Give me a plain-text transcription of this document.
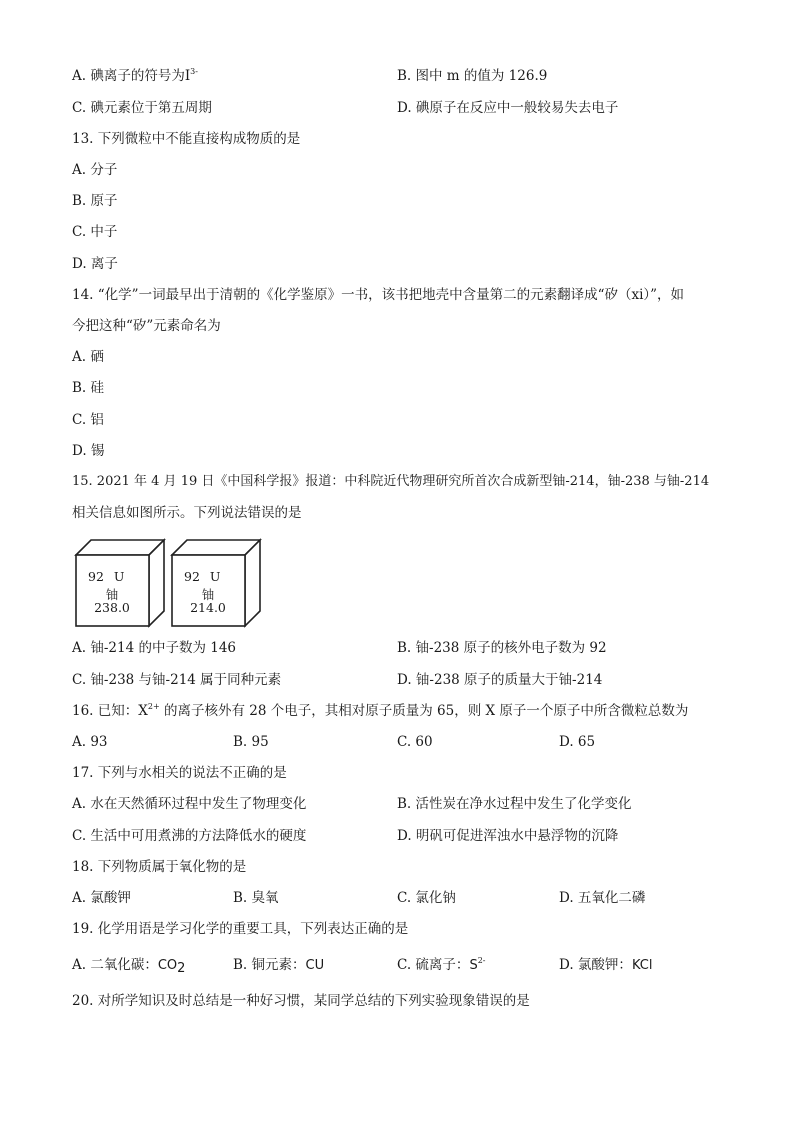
A. 碘离子的符号为$I^{3-}$	B. 图中 m 的值为 126.9
C. 碘元素位于第五周期	D. 碘原子在反应中一般较易失去电子
13. 下列微粒中不能直接构成物质的是
A. 分子
B. 原子
C. 中子
D. 离子
14. “化学”一词最早出于清朝的《化学鉴原》一书，该书把地壳中含量第二的元素翻译成“矽（xi）”，如
今把这种“矽”元素命名为
A. 硒
B. 硅
C. 铝
D. 锡
15. 2021 年 4 月 19 日《中国科学报》报道：中科院近代物理研究所首次合成新型铀-214，铀-238 与铀-214
相关信息如图所示。下列说法错误的是
92 U
铀
238.0
92 U
铀
214.0
A. 铀-214 的中子数为 146	B. 铀-238 原子的核外电子数为 92
C. 铀-238 与铀-214 属于同种元素	D. 铀-238 原子的质量大于铀-214
16. 已知：$X^{2+}$ 的离子核外有 28 个电子，其相对原子质量为 65，则 X 原子一个原子中所含微粒总数为
A. 93	B. 95	C. 60	D. 65
17. 下列与水相关的说法不正确的是
A. 水在天然循环过程中发生了物理变化	B. 活性炭在净水过程中发生了化学变化
C. 生活中可用煮沸的方法降低水的硬度	D. 明矾可促进浑浊水中悬浮物的沉降
18. 下列物质属于氧化物的是
A. 氯酸钾	B. 臭氧	C. 氯化钠	D. 五氧化二磷
19. 化学用语是学习化学的重要工具，下列表达正确的是
A. 二氧化碳：$CO_2$	B. 铜元素：CU	C. 硫离子：$S^{2-}$	D. 氯酸钾：KCl
20. 对所学知识及时总结是一种好习惯，某同学总结的下列实验现象错误的是
